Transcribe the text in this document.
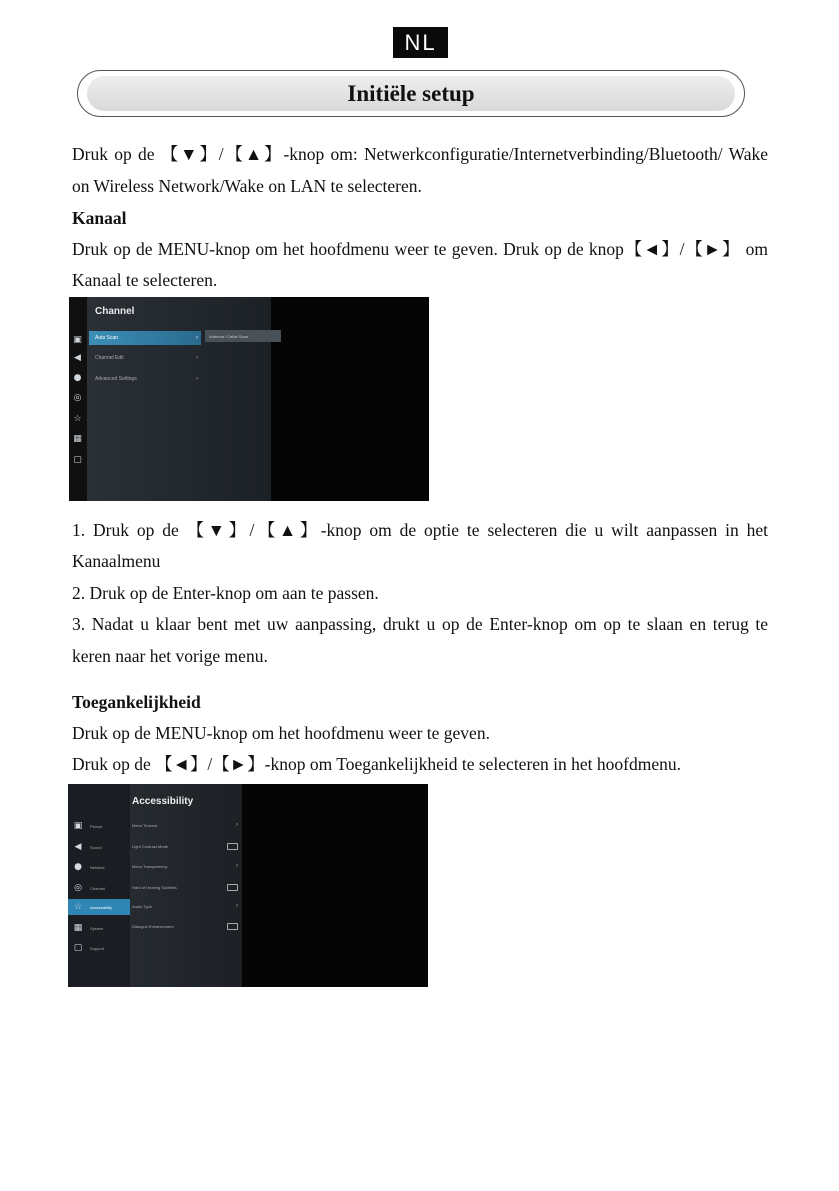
NL
Initiële setup
Druk op de 【▼】/【▲】-knop om: Netwerkconfiguratie/Internetverbinding/Bluetooth/ Wake
on Wireless Network/Wake on LAN te selecteren.
Kanaal
Druk op de MENU-knop om het hoofdmenu weer te geven. Druk op de knop【◄】/【►】 om
Kanaal te selecteren.
▣
◀
●
◎
☆
▦
▢
Channel
Auto Scan	›
Channel Edit	›
Advanced Settings	›
Antenna / Cable Scan
1. Druk op de 【▼】/【▲】-knop om de optie te selecteren die u wilt aanpassen in het
Kanaalmenu
2. Druk op de Enter-knop om aan te passen.
3. Nadat u klaar bent met uw aanpassing, drukt u op de Enter-knop om op te slaan en terug te
keren naar het vorige menu.
Toegankelijkheid
Druk op de MENU-knop om het hoofdmenu weer te geven.
Druk op de 【◄】/【►】-knop om Toegankelijkheid te selecteren in het hoofdmenu.
Accessibility
▣	Picture
◀	Sound
●	Network
◎	Channel
☆	Accessibility
▦	System
▢	Support
Menu Timeout	›
Light Contrast Mode
Menu Transparency	›
Hard of Hearing Subtitles
Audio Type	›
Dialogue Enhancement
